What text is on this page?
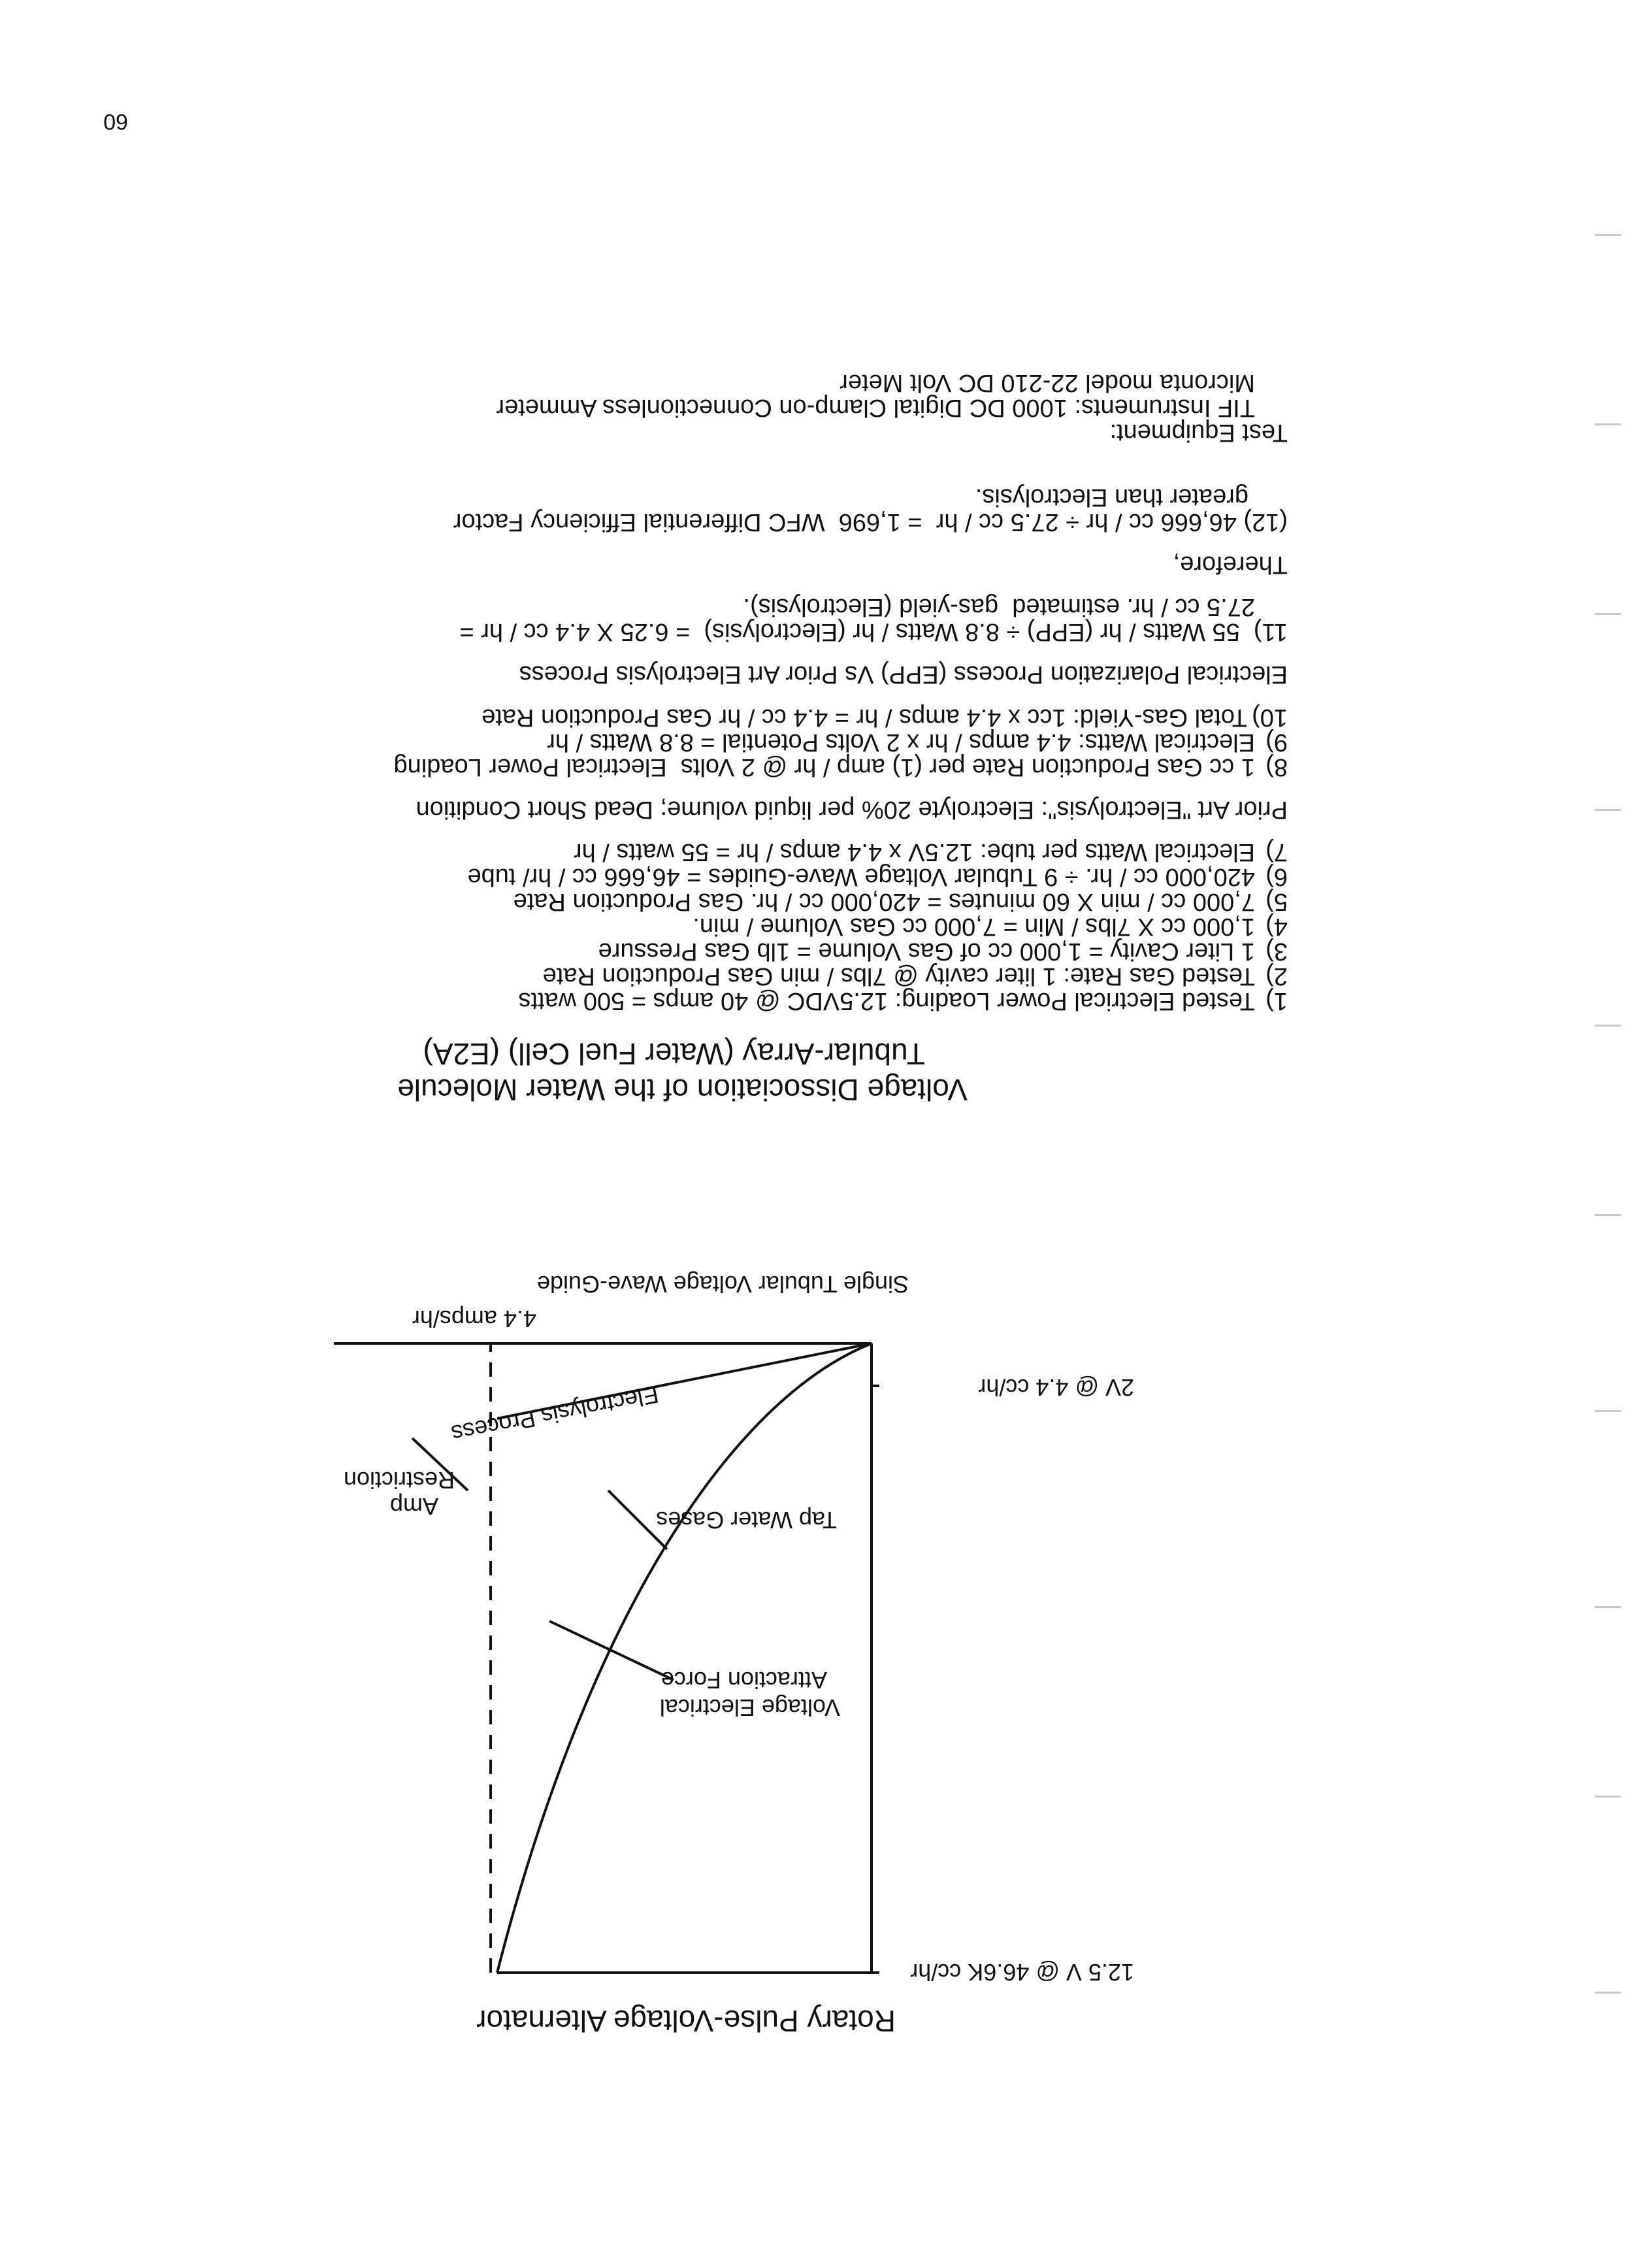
60
Rotary Pulse-Voltage Alternator
12.5 V @ 46.6K cc/hr
Voltage Electrical
Attraction Force
Tap Water Gases
Amp
Restriction
Electrolysis Process	2V @ 4.4 cc/hr
4.4 amps/hr
Single Tubular Voltage Wave-Guide
Voltage Dissociation of the Water Molecule
Tubular-Array (Water Fuel Cell) (E2A)
1)
Tested Electrical Power Loading: 12.5VDC @ 40 amps = 500 watts
2)
Tested Gas Rate: 1 liter cavity @ 7lbs / min Gas Production Rate
3)
1 Liter Cavity = 1,000 cc of Gas Volume = 1lb Gas Pressure
4)
1,000 cc X 7lbs / Min = 7,000 cc Gas Volume / min.
5)
7,000 cc / min X 60 minutes = 420,000 cc / hr. Gas Production Rate
6)
420,000 cc / hr. ÷ 9 Tubular Voltage Wave-Guides = 46,666 cc / hr/ tube
7)
Electrical Watts per tube: 12.5V x 4.4 amps / hr = 55 watts / hr
Prior Art "Electrolysis": Electrolyte 20% per liquid volume; Dead Short Condition
8)
1 cc Gas Production Rate per (1) amp / hr @ 2 Volts  Electrical Power Loading
9)
Electrical Watts: 4.4 amps / hr x 2 Volts Potential = 8.8 Watts / hr
10)
Total Gas-Yield: 1cc x 4.4 amps / hr = 4.4 cc / hr Gas Production Rate
Electrical Polarization Process (EPP) Vs Prior Art Electrolysis Process
11)  55 Watts / hr (EPP) ÷ 8.8 Watts / hr (Electrolysis)  = 6.25 X 4.4 cc / hr =
27.5 cc / hr. estimated  gas-yield (Electrolysis).
Therefore,
(12) 46,666 cc / hr ÷ 27.5 cc / hr  = 1,696  WFC Differential Efficiency Factor
greater than Electrolysis.
Test Equipment:
TIF Instruments: 1000 DC Digital Clamp-on Connectionless Ammeter
Micronta model 22-210 DC Volt Meter
